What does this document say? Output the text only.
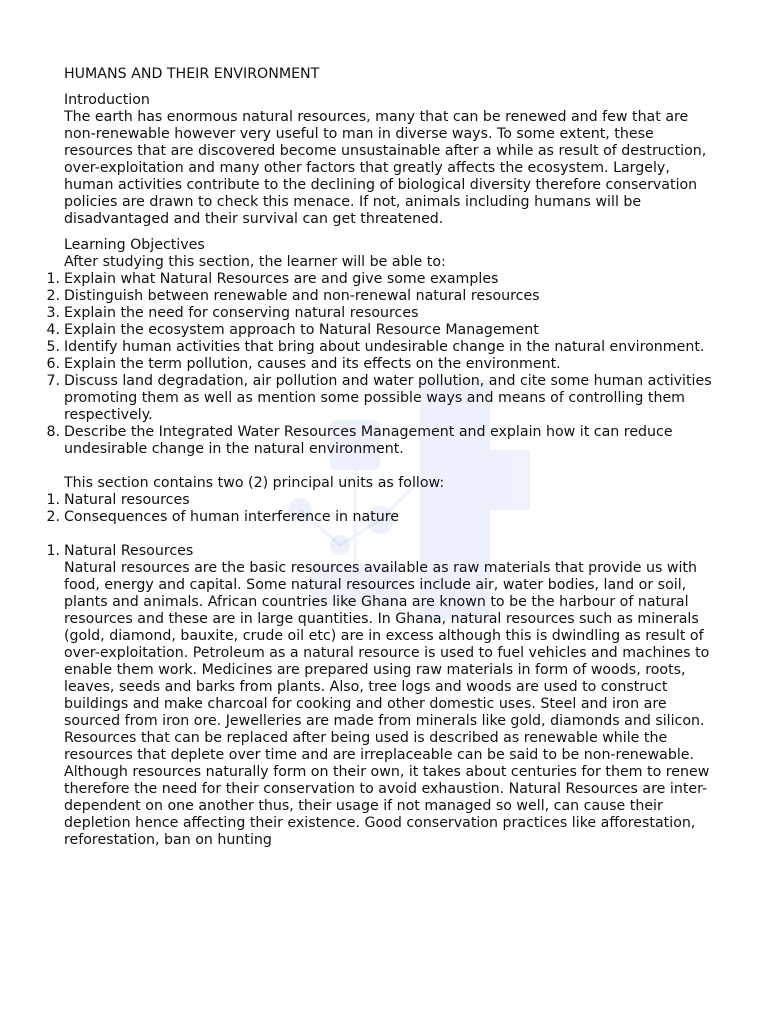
HUMANS AND THEIR ENVIRONMENT

Introduction

The earth has enormous natural resources, many that can be renewed and few that are non-renewable however very useful to man in diverse ways. To some extent, these resources that are discovered become unsustainable after a while as result of destruction, over-exploitation and many other factors that greatly affects the ecosystem. Largely, human activities contribute to the declining of biological diversity therefore conservation policies are drawn to check this menace. If not, animals including humans will be disadvantaged and their survival can get threatened.

Learning Objectives

After studying this section, the learner will be able to:

1. Explain what Natural Resources are and give some examples
2. Distinguish between renewable and non-renewal natural resources
3. Explain the need for conserving natural resources
4. Explain the ecosystem approach to Natural Resource Management
5. Identify human activities that bring about undesirable change in the natural environment.
6. Explain the term pollution, causes and its effects on the environment.
7. Discuss land degradation, air pollution and water pollution, and cite some human activities promoting them as well as mention some possible ways and means of controlling them respectively.
8. Describe the Integrated Water Resources Management and explain how it can reduce undesirable change in the natural environment.

This section contains two (2) principal units as follow:

1. Natural resources
2. Consequences of human interference in nature
1. Natural Resources

Natural resources are the basic resources available as raw materials that provide us with food, energy and capital. Some natural resources include air, water bodies, land or soil, plants and animals. African countries like Ghana are known to be the harbour of natural resources and these are in large quantities. In Ghana, natural resources such as minerals (gold, diamond, bauxite, crude oil etc) are in excess although this is dwindling as result of over-exploitation. Petroleum as a natural resource is used to fuel vehicles and machines to enable them work. Medicines are prepared using raw materials in form of woods, roots, leaves, seeds and barks from plants. Also, tree logs and woods are used to construct buildings and make charcoal for cooking and other domestic uses. Steel and iron are sourced from iron ore. Jewelleries are made from minerals like gold, diamonds and silicon. Resources that can be replaced after being used is described as renewable while the resources that deplete over time and are irreplaceable can be said to be non-renewable. Although resources naturally form on their own, it takes about centuries for them to renew therefore the need for their conservation to avoid exhaustion. Natural Resources are inter-dependent on one another thus, their usage if not managed so well, can cause their depletion hence affecting their existence. Good conservation practices like afforestation, reforestation, ban on hunting
